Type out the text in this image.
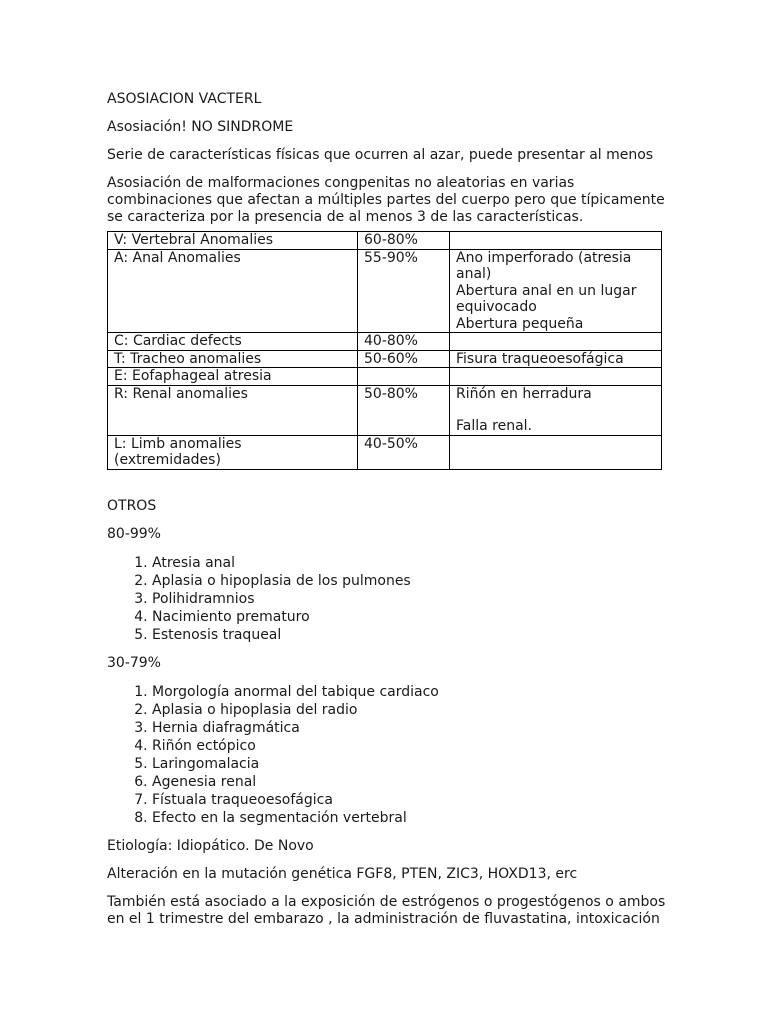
ASOSIACION VACTERL

Asosiación! NO SINDROME

Serie de características físicas que ocurren al azar, puede presentar al menos

Asosiación de malformaciones congpenitas no aleatorias en varias combinaciones que afectan a múltiples partes del cuerpo pero que típicamente se caracteriza por la presencia de al menos 3 de las características.

V: Vertebral Anomalies	60-80%	
A: Anal Anomalies	55-90%	Ano imperforado (atresia anal)
Abertura anal en un lugar equivocado
Abertura pequeña

C: Cardiac defects	40-80%	
T: Tracheo anomalies	50-60%	Fisura traqueoesofágica

E: Eofaphageal atresia		
R: Renal anomalies	50-80%	Riñón en herradura
Falla renal.

L: Limb anomalies (extremidades)	40-50%	

OTROS

80-99%

1. Atresia anal
2. Aplasia o hipoplasia de los pulmones
3. Polihidramnios
4. Nacimiento prematuro
5. Estenosis traqueal

30-79%

1. Morgología anormal del tabique cardiaco
2. Aplasia o hipoplasia del radio
3. Hernia diafragmática
4. Riñón ectópico
5. Laringomalacia
6. Agenesia renal
7. Fístuala traqueoesofágica
8. Efecto en la segmentación vertebral

Etiología: Idiopático. De Novo

Alteración en la mutación genética FGF8, PTEN, ZIC3, HOXD13, erc

También está asociado a la exposición de estrógenos o progestógenos o ambos en el 1 trimestre del embarazo , la administración de fluvastatina, intoxicación
